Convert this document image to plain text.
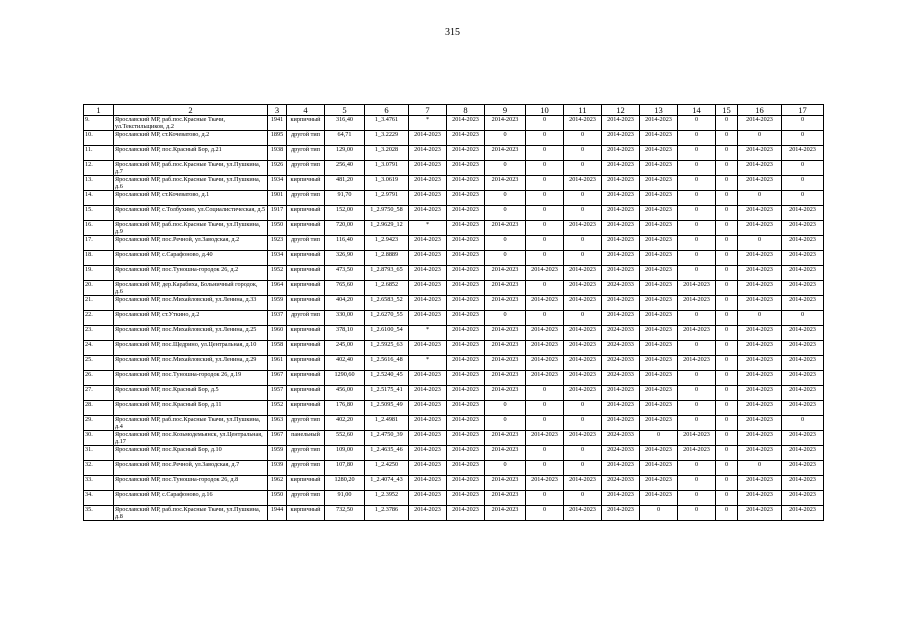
315
1	2	3	4	5	6	7	8	9	10	11	12	13	14	15	16	17
9.	Ярославский МР, раб.пос.Красные Ткачи, ул.Текстильщиков, д.2	1941	кирпичный	316,40	1_3.4761	*	2014-2023	2014-2023	0	2014-2023	2014-2023	2014-2023	0	0	2014-2023	0
10.	Ярославский МР, ст.Кочеватово, д.2	1895	другой тип	64,71	1_3.2229	2014-2023	2014-2023	0	0	0	2014-2023	2014-2023	0	0	0	0
11.	Ярославский МР, пос.Красный Бор, д.21	1938	другой тип	129,00	1_3.2028	2014-2023	2014-2023	2014-2023	0	0	2014-2023	2014-2023	0	0	2014-2023	2014-2023
12.	Ярославский МР, раб.пос.Красные Ткачи, ул.Пушкина, д.7	1926	другой тип	256,40	1_3.0791	2014-2023	2014-2023	0	0	0	2014-2023	2014-2023	0	0	2014-2023	0
13.	Ярославский МР, раб.пос.Красные Ткачи, ул.Пушкина, д.6	1934	кирпичный	481,20	1_3.0619	2014-2023	2014-2023	2014-2023	0	2014-2023	2014-2023	2014-2023	0	0	2014-2023	0
14.	Ярославский МР, ст.Кочеватово, д.1	1901	другой тип	91,70	1_2.9791	2014-2023	2014-2023	0	0	0	2014-2023	2014-2023	0	0	0	0
15.	Ярославский МР, с.Толбухино, ул.Социалистическая, д.5	1917	кирпичный	152,00	1_2.9750_58	2014-2023	2014-2023	0	0	0	2014-2023	2014-2023	0	0	2014-2023	2014-2023
16.	Ярославский МР, раб.пос.Красные Ткачи, ул.Пушкина, д.9	1950	кирпичный	720,00	1_2.9629_12	*	2014-2023	2014-2023	0	2014-2023	2014-2023	2014-2023	0	0	2014-2023	2014-2023
17.	Ярославский МР, пос.Речной, ул.Заводская, д.2	1923	другой тип	116,40	1_2.9423	2014-2023	2014-2023	0	0	0	2014-2023	2014-2023	0	0	0	2014-2023
18.	Ярославский МР, с.Сарафоново, д.40	1934	кирпичный	326,90	1_2.8889	2014-2023	2014-2023	0	0	0	2014-2023	2014-2023	0	0	2014-2023	2014-2023
19.	Ярославский МР, пос.Туношна-городок 26, д.2	1952	кирпичный	473,50	1_2.8793_65	2014-2023	2014-2023	2014-2023	2014-2023	2014-2023	2014-2023	2014-2023	0	0	2014-2023	2014-2023
20.	Ярославский МР, дер.Карабиха, Больничный городок, д.6	1964	кирпичный	765,60	1_2.6852	2014-2023	2014-2023	2014-2023	0	2014-2023	2024-2033	2014-2023	2014-2023	0	2014-2023	2014-2023
21.	Ярославский МР, пос.Михайловский, ул.Ленина, д.33	1959	кирпичный	404,20	1_2.6583_52	2014-2023	2014-2023	2014-2023	2014-2023	2014-2023	2014-2023	2014-2023	2014-2023	0	2014-2023	2014-2023
22.	Ярославский МР, ст.Уткино, д.2	1937	другой тип	330,00	1_2.6270_55	2014-2023	2014-2023	0	0	0	2014-2023	2014-2023	0	0	0	0
23.	Ярославский МР, пос.Михайловский, ул.Ленина, д.25	1960	кирпичный	378,10	1_2.6100_54	*	2014-2023	2014-2023	2014-2023	2014-2023	2024-2033	2014-2023	2014-2023	0	2014-2023	2014-2023
24.	Ярославский МР, пос.Щедрино, ул.Центральная, д.10	1958	кирпичный	245,00	1_2.5925_63	2014-2023	2014-2023	2014-2023	2014-2023	2014-2023	2024-2033	2014-2023	0	0	2014-2023	2014-2023
25.	Ярославский МР, пос.Михайловский, ул.Ленина, д.29	1961	кирпичный	402,40	1_2.5616_48	*	2014-2023	2014-2023	2014-2023	2014-2023	2024-2033	2014-2023	2014-2023	0	2014-2023	2014-2023
26.	Ярославский МР, пос.Туношна-городок 26, д.19	1967	кирпичный	1290,60	1_2.5240_45	2014-2023	2014-2023	2014-2023	2014-2023	2014-2023	2024-2033	2014-2023	0	0	2014-2023	2014-2023
27.	Ярославский МР, пос.Красный Бор, д.5	1957	кирпичный	456,00	1_2.5175_41	2014-2023	2014-2023	2014-2023	0	2014-2023	2014-2023	2014-2023	0	0	2014-2023	2014-2023
28.	Ярославский МР, пос.Красный Бор, д.11	1952	кирпичный	176,80	1_2.5095_49	2014-2023	2014-2023	0	0	0	2014-2023	2014-2023	0	0	2014-2023	2014-2023
29.	Ярославский МР, раб.пос.Красные Ткачи, ул.Пушкина, д.4	1963	другой тип	402,20	1_2.4981	2014-2023	2014-2023	0	0	0	2014-2023	2014-2023	0	0	2014-2023	0
30.	Ярославский МР, пос.Козьмодемьянск, ул.Центральная, д.17	1967	панельный	552,60	1_2.4750_39	2014-2023	2014-2023	2014-2023	2014-2023	2014-2023	2024-2033	0	2014-2023	0	2014-2023	2014-2023
31.	Ярославский МР, пос.Красный Бор, д.10	1959	другой тип	109,00	1_2.4635_46	2014-2023	2014-2023	2014-2023	0	0	2024-2033	2014-2023	2014-2023	0	2014-2023	2014-2023
32.	Ярославский МР, пос.Речной, ул.Заводская, д.7	1939	другой тип	107,80	1_2.4250	2014-2023	2014-2023	0	0	0	2014-2023	2014-2023	0	0	0	2014-2023
33.	Ярославский МР, пос.Туношна-городок 26, д.8	1962	кирпичный	1280,20	1_2.4074_43	2014-2023	2014-2023	2014-2023	2014-2023	2014-2023	2024-2033	2014-2023	0	0	2014-2023	2014-2023
34.	Ярославский МР, с.Сарафоново, д.16	1950	другой тип	91,00	1_2.3952	2014-2023	2014-2023	2014-2023	0	0	2014-2023	2014-2023	0	0	2014-2023	2014-2023
35.	Ярославский МР, раб.пос.Красные Ткачи, ул.Пушкина, д.8	1944	кирпичный	732,50	1_2.3786	2014-2023	2014-2023	2014-2023	0	2014-2023	2014-2023	0	0	0	2014-2023	2014-2023
